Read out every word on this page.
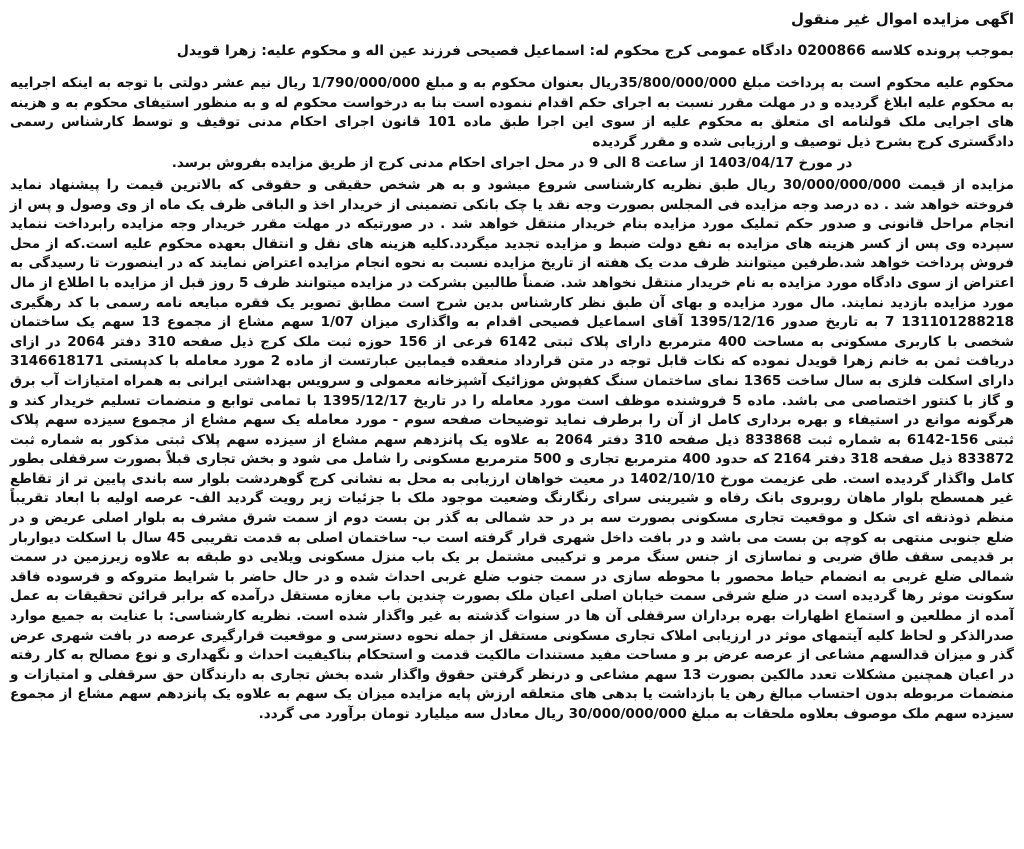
اگهی مزایده اموال غیر منقول
بموجب پرونده کلاسه 0200866 دادگاه عمومی کرج محکوم له: اسماعیل فصیحی فرزند عین اله و محکوم علیه: زهرا قویدل

محکوم علیه محکوم است به پرداخت مبلغ 35/800/000/000ریال بعنوان محکوم به و مبلغ 1/790/000/000 ریال نیم عشر دولتی با توجه به اینکه اجراییه به محکوم علیه ابلاغ گردیده و در مهلت مقرر نسبت به اجرای حکم اقدام ننموده است بنا به درخواست محکوم له و به منظور استیفای محکوم به و هزینه های اجرایی ملک قولنامه ای متعلق به محکوم علیه از سوی این اجرا طبق ماده 101 قانون اجرای احکام مدنی توقیف و توسط کارشناس رسمی دادگستری کرج بشرح ذیل توصیف و ارزیابی شده و مقرر گردیده

در مورخ 1403/04/17 از ساعت 8 الی 9 در محل اجرای احکام مدنی کرج از طریق مزایده بفروش برسد.

مزایده از قیمت 30/000/000/000 ریال طبق نظریه کارشناسی شروع میشود و به هر شخص حقیقی و حقوقی که بالاترین قیمت را پیشنهاد نماید فروخته خواهد شد . ده درصد وجه مزایده فی المجلس بصورت وجه نقد یا چک بانکی تضمینی از خریدار اخذ و الباقی ظرف یک ماه از وی وصول و پس از انجام مراحل قانونی و صدور حکم تملیک مورد مزایده بنام خریدار منتقل خواهد شد . در صورتیکه در مهلت مقرر خریدار وجه مزایده رابرداخت ننماید سپرده وی پس از کسر هزینه های مزایده به نفع دولت ضبط و مزایده تجدید میگردد.کلیه هزینه های نقل و انتقال بعهده محکوم علیه است.که از محل فروش پرداخت خواهد شد.طرفین میتوانند ظرف مدت یک هفته از تاریخ مزایده نسبت به نحوه انجام مزایده اعتراض نمایند که در اینصورت تا رسیدگی به اعتراض از سوی دادگاه مورد مزایده به نام خریدار منتقل نخواهد شد. ضمناً طالبین بشرکت در مزایده میتوانند ظرف 5 روز قبل از مزایده با اطلاع از مال مورد مزایده بازدید نمایند. مال مورد مزایده و بهای آن طبق نظر کارشناس بدین شرح است مطابق تصویر یک فقره مبایعه نامه رسمی با کد رهگیری 131101288218 7 به تاریخ صدور 1395/12/16 آقای اسماعیل فصیحی اقدام به واگذاری میزان 1/07 سهم مشاع از مجموع 13 سهم یک ساختمان شخصی با کاربری مسکونی به مساحت 400 مترمربع دارای پلاک ثبتی 6142 فرعی از 156 حوزه ثبت ملک کرج ذیل صفحه 310 دفتر 2064 در ازای دریافت ثمن به خانم زهرا قویدل نموده که نکات قابل توجه در متن قرارداد منعقده فیمابین عبارتست از ماده 2 مورد معامله با کدپستی 3146618171 دارای اسکلت فلزی به سال ساخت 1365 نمای ساختمان سنگ کفپوش موزائیک آشپزخانه معمولی و سرویس بهداشتی ایرانی به همراه امتیازات آب برق و گاز با کنتور اختصاصی می باشد. ماده 5 فروشنده موظف است مورد معامله را در تاریخ 1395/12/17 با تمامی توابع و منضمات تسلیم خریدار کند و هرگونه موانع در استیفاء و بهره برداری کامل از آن را برطرف نماید توضیحات صفحه سوم - مورد معامله یک سهم مشاع از مجموع سیزده سهم پلاک ثبتی 156-6142 به شماره ثبت 833868 ذیل صفحه 310 دفتر 2064 به علاوه یک پانزدهم سهم مشاع از سیزده سهم پلاک ثبتی مذکور به شماره ثبت 833872 ذیل صفحه 318 دفتر 2164 که حدود 400 مترمربع تجاری و 500 مترمربع مسکونی را شامل می شود و بخش تجاری قبلاً بصورت سرقفلی بطور کامل واگذار گردیده است. طی عزیمت مورخ 1402/10/10 در معیت خواهان ارزیابی به محل به نشانی کرج گوهردشت بلوار سه باندی پایین تر از تقاطع غیر همسطح بلوار ماهان روبروی بانک رفاه و شیرینی سرای رنگارنگ وضعیت موجود ملک با جزئیات زیر رویت گردید الف- عرصه اولیه با ابعاد تقریباً منظم ذوذنقه ای شکل و موقعیت تجاری مسکونی بصورت سه بر در حد شمالی به گذر بن بست دوم از سمت شرق مشرف به بلوار اصلی عریض و در ضلع جنوبی منتهی به کوچه بن بست می باشد و در بافت داخل شهری قرار گرفته است ب- ساختمان اصلی به قدمت تقریبی 45 سال با اسکلت دیواربار بر قدیمی سقف طاق ضربی و نماسازی از جنس سنگ مرمر و ترکیبی مشتمل بر یک باب منزل مسکونی ویلایی دو طبقه به علاوه زیرزمین در سمت شمالی ضلع غربی به انضمام حیاط محصور با محوطه سازی در سمت جنوب ضلع غربی احداث شده و در حال حاضر با شرایط متروکه و فرسوده فاقد سکونت موثر رها گردیده است در ضلع شرقی سمت خیابان اصلی اعیان ملک بصورت چندین باب مغازه مستقل درآمده که برابر قرائن تحقیقات به عمل آمده از مطلعین و استماع اظهارات بهره برداران سرقفلی آن ها در سنوات گذشته به غیر واگذار شده است. نظریه کارشناسی: با عنایت به جمیع موارد صدرالذکر و لحاظ کلیه آیتمهای موثر در ارزیابی املاک تجاری مسکونی مستقل از جمله نحوه دسترسی و موقعیت قرارگیری عرصه در بافت شهری عرض گذر و میزان قدالسهم مشاعی از عرصه عرض بر و مساحت مفید مستندات مالکیت قدمت و استحکام بناکیفیت احداث و نگهداری و نوع مصالح به کار رفته در اعیان همچنین مشکلات تعدد مالکین بصورت 13 سهم مشاعی و درنظر گرفتن حقوق واگذار شده بخش تجاری به دارندگان حق سرقفلی و امتیازات و منضمات مربوطه بدون احتساب مبالغ رهن یا بازداشت یا بدهی های متعلقه ارزش پایه مزایده میزان یک سهم به علاوه یک پانزدهم سهم مشاع از مجموع سیزده سهم ملک موصوف بعلاوه ملحقات به مبلغ 30/000/000/000 ریال معادل سه میلیارد تومان برآورد می گردد.
